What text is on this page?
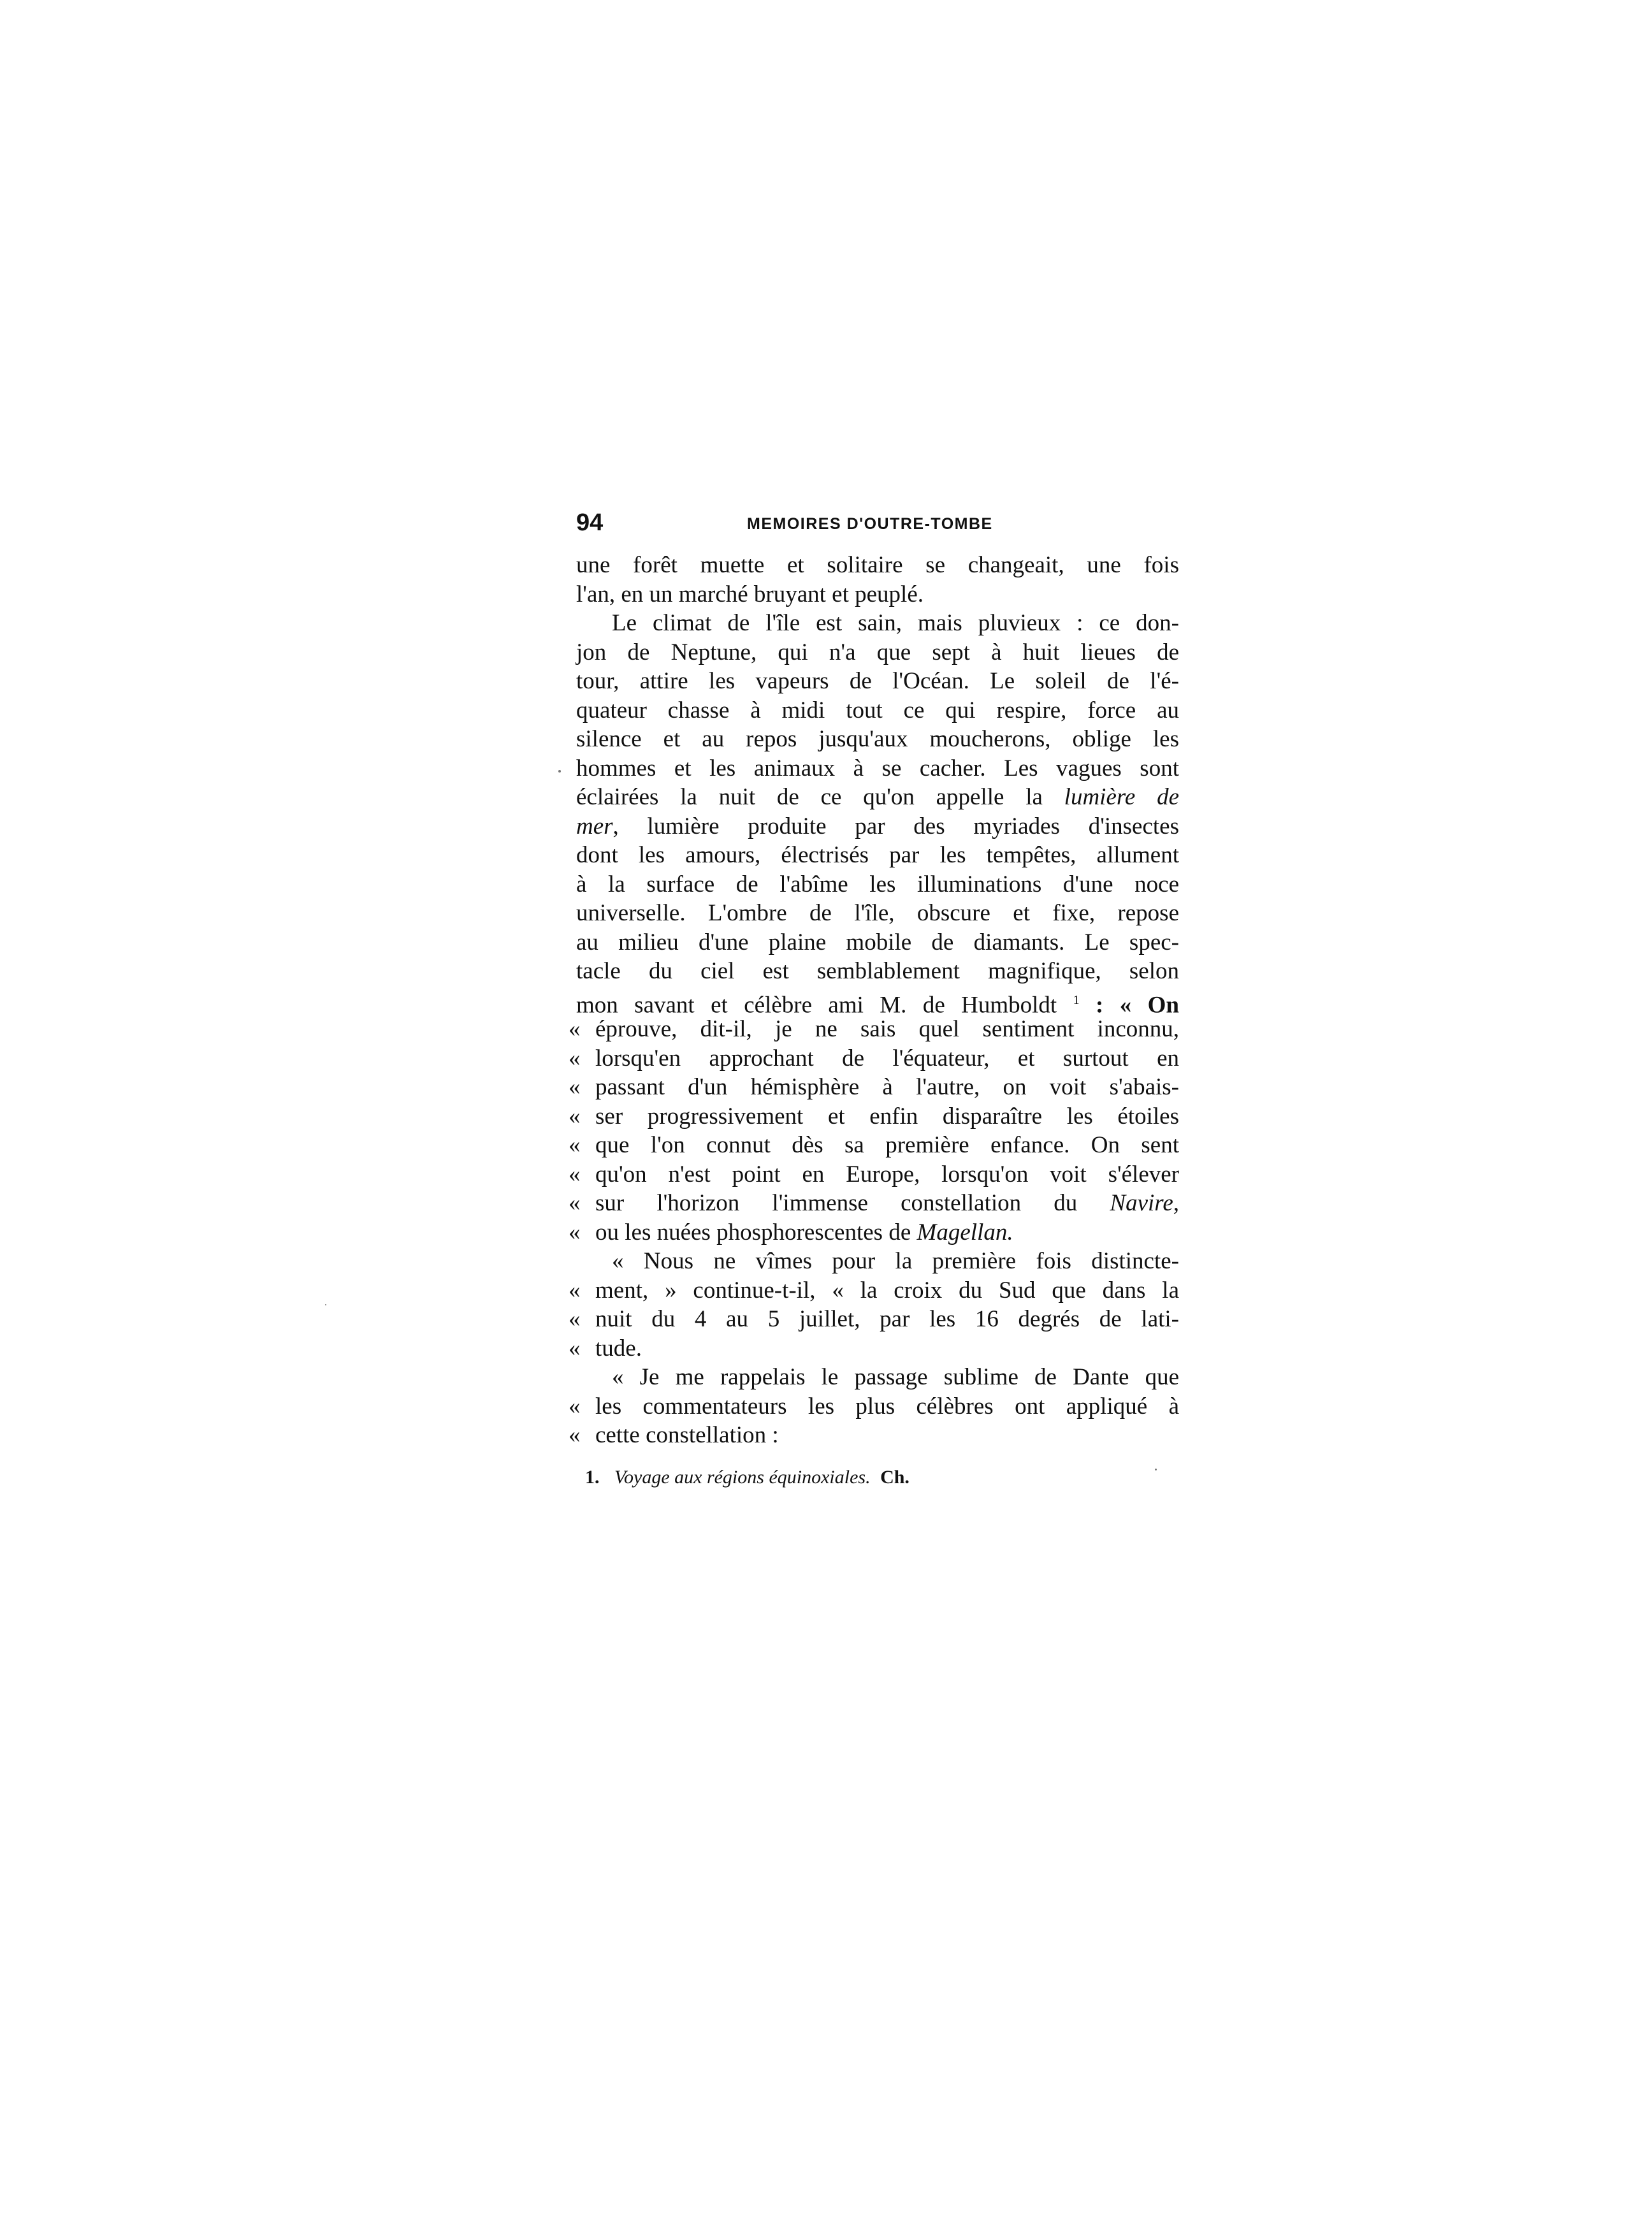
94	MEMOIRES D'OUTRE-TOMBE
une forêt muette et solitaire se changeait, une fois
l'an, en un marché bruyant et peuplé.
Le climat de l'île est sain, mais pluvieux : ce don-
jon de Neptune, qui n'a que sept à huit lieues de
tour, attire les vapeurs de l'Océan. Le soleil de l'é-
quateur chasse à midi tout ce qui respire, force au
silence et au repos jusqu'aux moucherons, oblige les
hommes et les animaux à se cacher. Les vagues sont
éclairées la nuit de ce qu'on appelle la lumière de
mer, lumière produite par des myriades d'insectes
dont les amours, électrisés par les tempêtes, allument
à la surface de l'abîme les illuminations d'une noce
universelle. L'ombre de l'île, obscure et fixe, repose
au milieu d'une plaine mobile de diamants. Le spec-
tacle du ciel est semblablement magnifique, selon
mon savant et célèbre ami M. de Humboldt $^1$ : « On
« éprouve, dit-il, je ne sais quel sentiment inconnu,
« lorsqu'en approchant de l'équateur, et surtout en
« passant d'un hémisphère à l'autre, on voit s'abais-
« ser progressivement et enfin disparaître les étoiles
« que l'on connut dès sa première enfance. On sent
« qu'on n'est point en Europe, lorsqu'on voit s'élever
« sur l'horizon l'immense constellation du Navire,
« ou les nuées phosphorescentes de Magellan.
« Nous ne vîmes pour la première fois distincte-
« ment, » continue-t-il, « la croix du Sud que dans la
« nuit du 4 au 5 juillet, par les 16 degrés de lati-
« tude.
« Je me rappelais le passage sublime de Dante que
« les commentateurs les plus célèbres ont appliqué à
« cette constellation :
1. Voyage aux régions équinoxiales. Ch.
